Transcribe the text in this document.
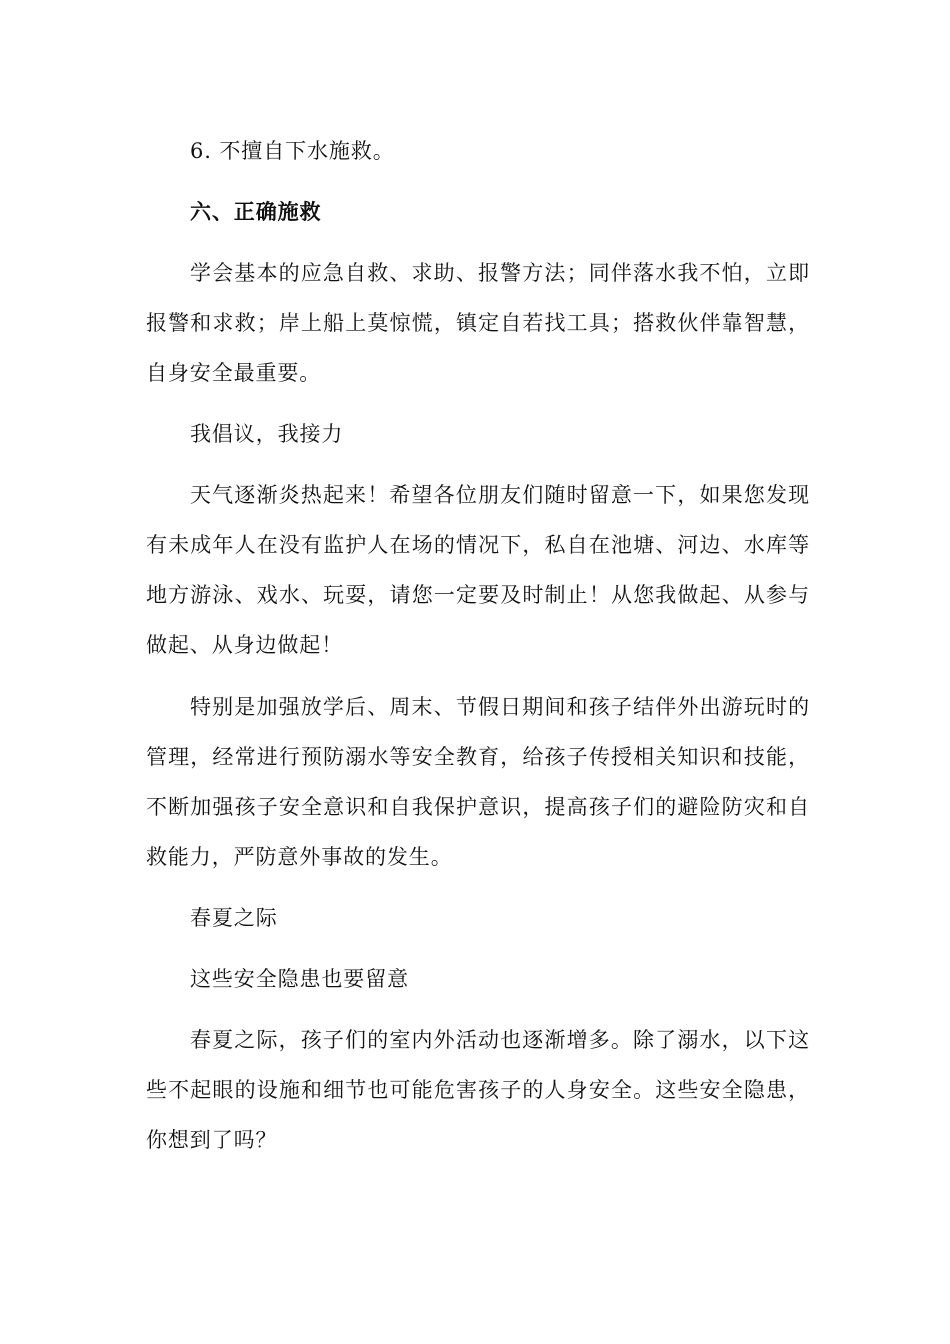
6. 不擅自下水施救。

六、正确施救

学会基本的应急自救、求助、报警方法；同伴落水我不怕，立即报警和求救；岸上船上莫惊慌，镇定自若找工具；搭救伙伴靠智慧，自身安全最重要。

我倡议，我接力

天气逐渐炎热起来！希望各位朋友们随时留意一下，如果您发现有未成年人在没有监护人在场的情况下，私自在池塘、河边、水库等地方游泳、戏水、玩耍，请您一定要及时制止！从您我做起、从参与做起、从身边做起！

特别是加强放学后、周末、节假日期间和孩子结伴外出游玩时的管理，经常进行预防溺水等安全教育，给孩子传授相关知识和技能，不断加强孩子安全意识和自我保护意识，提高孩子们的避险防灾和自救能力，严防意外事故的发生。

春夏之际

这些安全隐患也要留意

春夏之际，孩子们的室内外活动也逐渐增多。除了溺水，以下这些不起眼的设施和细节也可能危害孩子的人身安全。这些安全隐患，你想到了吗？
